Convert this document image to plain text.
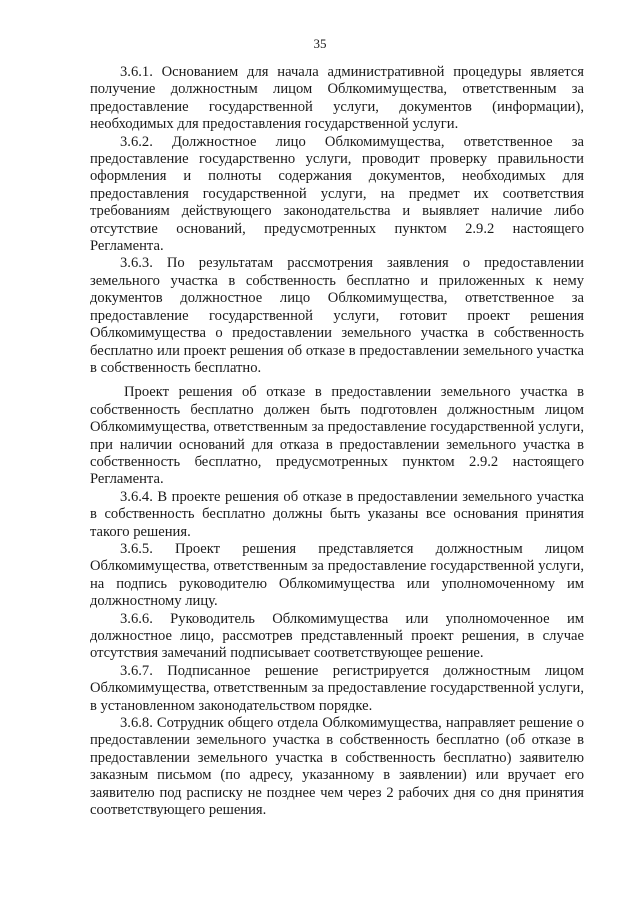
35

3.6.1. Основанием для начала административной процедуры является получение должностным лицом Облкомимущества, ответственным за предоставление государственной услуги, документов (информации), необходимых для предоставления государственной услуги.

3.6.2. Должностное лицо Облкомимущества, ответственное за предоставление государственно услуги, проводит проверку правильности оформления и полноты содержания документов, необходимых для предоставления государственной услуги, на предмет их соответствия требованиям действующего законодательства и выявляет наличие либо отсутствие оснований, предусмотренных пунктом 2.9.2 настоящего Регламента.

3.6.3. По результатам рассмотрения заявления о предоставлении земельного участка в собственность бесплатно и приложенных к нему документов должностное лицо Облкомимущества, ответственное за предоставление государственной услуги, готовит проект решения Облкомимущества о предоставлении земельного участка в собственность бесплатно или проект решения об отказе в предоставлении земельного участка в собственность бесплатно.

Проект решения об отказе в предоставлении земельного участка в собственность бесплатно должен быть подготовлен должностным лицом Облкомимущества, ответственным за предоставление государственной услуги, при наличии оснований для отказа в предоставлении земельного участка в собственность бесплатно, предусмотренных пунктом 2.9.2 настоящего Регламента.

3.6.4. В проекте решения об отказе в предоставлении земельного участка в собственность бесплатно должны быть указаны все основания принятия такого решения.

3.6.5. Проект решения представляется должностным лицом Облкомимущества, ответственным за предоставление государственной услуги, на подпись руководителю Облкомимущества или уполномоченному им должностному лицу.

3.6.6. Руководитель Облкомимущества или уполномоченное им должностное лицо, рассмотрев представленный проект решения, в случае отсутствия замечаний подписывает соответствующее решение.

3.6.7. Подписанное решение регистрируется должностным лицом Облкомимущества, ответственным за предоставление государственной услуги, в установленном законодательством порядке.

3.6.8. Сотрудник общего отдела Облкомимущества, направляет решение о предоставлении земельного участка в собственность бесплатно (об отказе в предоставлении земельного участка в собственность бесплатно) заявителю заказным письмом (по адресу, указанному в заявлении) или вручает его заявителю под расписку не позднее чем через 2 рабочих дня со дня принятия соответствующего решения.
